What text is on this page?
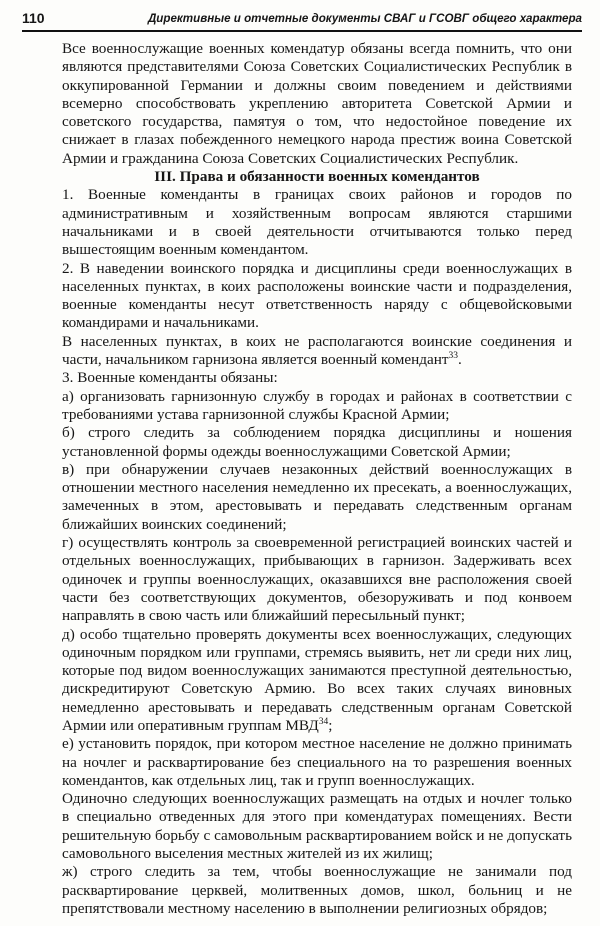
110	Директивные и отчетные документы СВАГ и ГСОВГ общего характера

Все военнослужащие военных комендатур обязаны всегда помнить, что они являются представителями Союза Советских Социалистических Республик в оккупированной Германии и должны своим поведением и действиями всемерно способствовать укреплению авторитета Советской Армии и советского государства, памятуя о том, что недостойное поведение их снижает в глазах побежденного немецкого народа престиж воина Советской Армии и гражданина Союза Советских Социалистических Республик.

III. Права и обязанности военных комендантов

1. Военные коменданты в границах своих районов и городов по административным и хозяйственным вопросам являются старшими начальниками и в своей деятельности отчитываются только перед вышестоящим военным комендантом.

2. В наведении воинского порядка и дисциплины среди военнослужащих в населенных пунктах, в коих расположены воинские части и подразделения, военные коменданты несут ответственность наряду с общевойсковыми командирами и начальниками.

В населенных пунктах, в коих не располагаются воинские соединения и части, начальником гарнизона является военный комендант$^{33}$.

3. Военные коменданты обязаны:

а) организовать гарнизонную службу в городах и районах в соответствии с требованиями устава гарнизонной службы Красной Армии;

б) строго следить за соблюдением порядка дисциплины и ношения установленной формы одежды военнослужащими Советской Армии;

в) при обнаружении случаев незаконных действий военнослужащих в отношении местного населения немедленно их пресекать, а военнослужащих, замеченных в этом, арестовывать и передавать следственным органам ближайших воинских соединений;

г) осуществлять контроль за своевременной регистрацией воинских частей и отдельных военнослужащих, прибывающих в гарнизон. Задерживать всех одиночек и группы военнослужащих, оказавшихся вне расположения своей части без соответствующих документов, обезоруживать и под конвоем направлять в свою часть или ближайший пересыльный пункт;

д) особо тщательно проверять документы всех военнослужащих, следующих одиночным порядком или группами, стремясь выявить, нет ли среди них лиц, которые под видом военнослужащих занимаются преступной деятельностью, дискредитируют Советскую Армию. Во всех таких случаях виновных немедленно арестовывать и передавать следственным органам Советской Армии или оперативным группам МВД$^{34}$;

е) установить порядок, при котором местное население не должно принимать на ночлег и расквартирование без специального на то разрешения военных комендантов, как отдельных лиц, так и групп военнослужащих.

Одиночно следующих военнослужащих размещать на отдых и ночлег только в специально отведенных для этого при комендатурах помещениях. Вести решительную борьбу с самовольным расквартированием войск и не допускать самовольного выселения местных жителей из их жилищ;

ж) строго следить за тем, чтобы военнослужащие не занимали под расквартирование церквей, молитвенных домов, школ, больниц и не препятствовали местному населению в выполнении религиозных обрядов;
